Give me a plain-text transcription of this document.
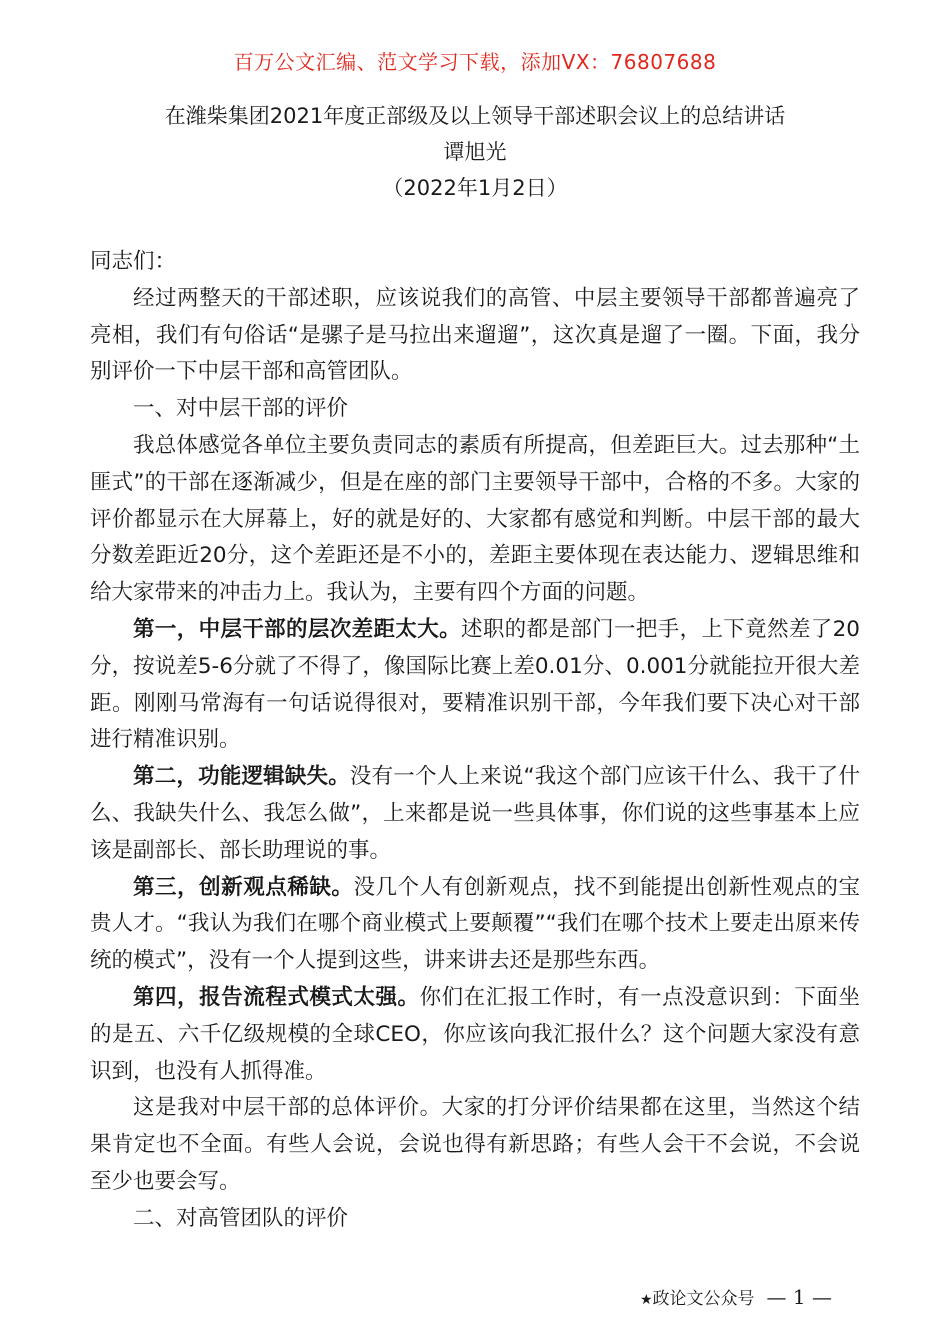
百万公文汇编、范文学习下载，添加VX：76807688
在潍柴集团2021年度正部级及以上领导干部述职会议上的总结讲话
谭旭光
（2022年1月2日）

同志们：

经过两整天的干部述职，应该说我们的高管、中层主要领导干部都普遍亮了亮相，我们有句俗话“是骡子是马拉出来遛遛”，这次真是遛了一圈。下面，我分别评价一下中层干部和高管团队。

一、对中层干部的评价

我总体感觉各单位主要负责同志的素质有所提高，但差距巨大。过去那种“土匪式”的干部在逐渐减少，但是在座的部门主要领导干部中，合格的不多。大家的评价都显示在大屏幕上，好的就是好的、大家都有感觉和判断。中层干部的最大分数差距近20分，这个差距还是不小的，差距主要体现在表达能力、逻辑思维和给大家带来的冲击力上。我认为，主要有四个方面的问题。

第一，中层干部的层次差距太大。述职的都是部门一把手，上下竟然差了20分，按说差5-6分就了不得了，像国际比赛上差0.01分、0.001分就能拉开很大差距。刚刚马常海有一句话说得很对，要精准识别干部，今年我们要下决心对干部进行精准识别。

第二，功能逻辑缺失。没有一个人上来说“我这个部门应该干什么、我干了什么、我缺失什么、我怎么做”，上来都是说一些具体事，你们说的这些事基本上应该是副部长、部长助理说的事。

第三，创新观点稀缺。没几个人有创新观点，找不到能提出创新性观点的宝贵人才。“我认为我们在哪个商业模式上要颠覆”“我们在哪个技术上要走出原来传统的模式”，没有一个人提到这些，讲来讲去还是那些东西。

第四，报告流程式模式太强。你们在汇报工作时，有一点没意识到：下面坐的是五、六千亿级规模的全球CEO，你应该向我汇报什么？这个问题大家没有意识到，也没有人抓得准。

这是我对中层干部的总体评价。大家的打分评价结果都在这里，当然这个结果肯定也不全面。有些人会说，会说也得有新思路；有些人会干不会说，不会说至少也要会写。

二、对高管团队的评价

★政论文公众号 — 1 —
